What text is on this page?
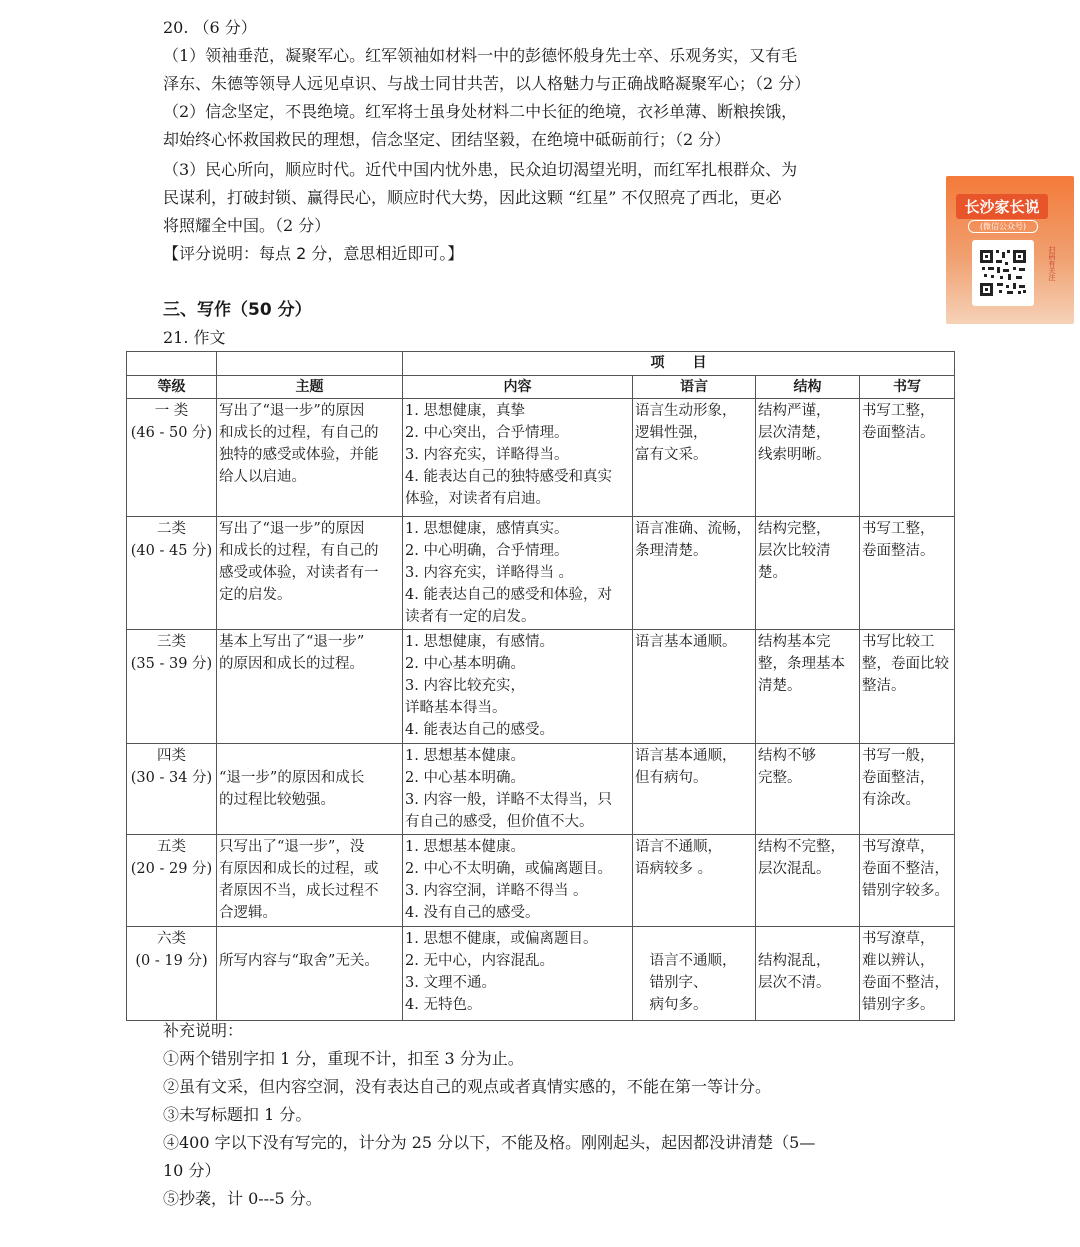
20. （6 分）
（1）领袖垂范，凝聚军心。红军领袖如材料一中的彭德怀般身先士卒、乐观务实，又有毛
泽东、朱德等领导人远见卓识、与战士同甘共苦，以人格魅力与正确战略凝聚军心；（2 分）
（2）信念坚定，不畏绝境。红军将士虽身处材料二中长征的绝境，衣衫单薄、断粮挨饿，
却始终心怀救国救民的理想，信念坚定、团结坚毅，在绝境中砥砺前行；（2 分）
（3）民心所向，顺应时代。近代中国内忧外患，民众迫切渴望光明，而红军扎根群众、为
民谋利，打破封锁、赢得民心，顺应时代大势，因此这颗 “红星” 不仅照亮了西北，更必
将照耀全中国。（2 分）
【评分说明：每点 2 分，意思相近即可。】
长沙家长说
(微信公众号)
扫码有关注
三、写作（50 分）
21. 作文
		项　　目			
等级	主题	内容	语言	结构	书写

一 类
(46 - 50 分)	写出了“退一步”的原因
和成长的过程，有自己的
独特的感受或体验，并能
给人以启迪。	1. 思想健康，真挚
2. 中心突出，合乎情理。
3. 内容充实，详略得当。
4. 能表达自己的独特感受和真实
体验，对读者有启迪。	语言生动形象，
逻辑性强，
富有文采。	结构严谨，
层次清楚，
线索明晰。	书写工整，
卷面整洁。

二类
(40 - 45 分)	写出了“退一步”的原因
和成长的过程，有自己的
感受或体验，对读者有一
定的启发。	1. 思想健康，感情真实。
2. 中心明确，合乎情理。
3. 内容充实，详略得当 。
4. 能表达自己的感受和体验，对
读者有一定的启发。	语言准确、流畅，
条理清楚。	结构完整，
层次比较清
楚。	书写工整，
卷面整洁。

三类
(35 - 39 分)	基本上写出了“退一步”
的原因和成长的过程。	1. 思想健康，有感情。
2. 中心基本明确。
3. 内容比较充实，
详略基本得当。
4. 能表达自己的感受。	语言基本通顺。	结构基本完
整，条理基本
清楚。	书写比较工
整，卷面比较
整洁。

四类
(30 - 34 分)	“退一步”的原因和成长
的过程比较勉强。	1. 思想基本健康。
2. 中心基本明确。
3. 内容一般，详略不太得当，只
有自己的感受，但价值不大。	语言基本通顺，
但有病句。	结构不够
完整。	书写一般，
卷面整洁，
有涂改。

五类
(20 - 29 分)	只写出了“退一步”，没
有原因和成长的过程，或
者原因不当，成长过程不
合逻辑。	1. 思想基本健康。
2. 中心不太明确，或偏离题目。
3. 内容空洞，详略不得当 。
4. 没有自己的感受。	语言不通顺，
语病较多 。	结构不完整，
层次混乱。	书写潦草，
卷面不整洁，
错别字较多。

六类
(0 - 19 分)	所写内容与“取舍”无关。	1. 思想不健康，或偏离题目。
2. 无中心，内容混乱。
3. 文理不通。
4. 无特色。	　语言不通顺，
　错别字、
　病句多。	结构混乱，
层次不清。	书写潦草，
难以辨认，
卷面不整洁，
错别字多。
补充说明：
①两个错别字扣 1 分，重现不计，扣至 3 分为止。
②虽有文采，但内容空洞，没有表达自己的观点或者真情实感的，不能在第一等计分。
③未写标题扣 1 分。
④400 字以下没有写完的，计分为 25 分以下，不能及格。刚刚起头，起因都没讲清楚（5—
10 分）
⑤抄袭，计 0---5 分。
